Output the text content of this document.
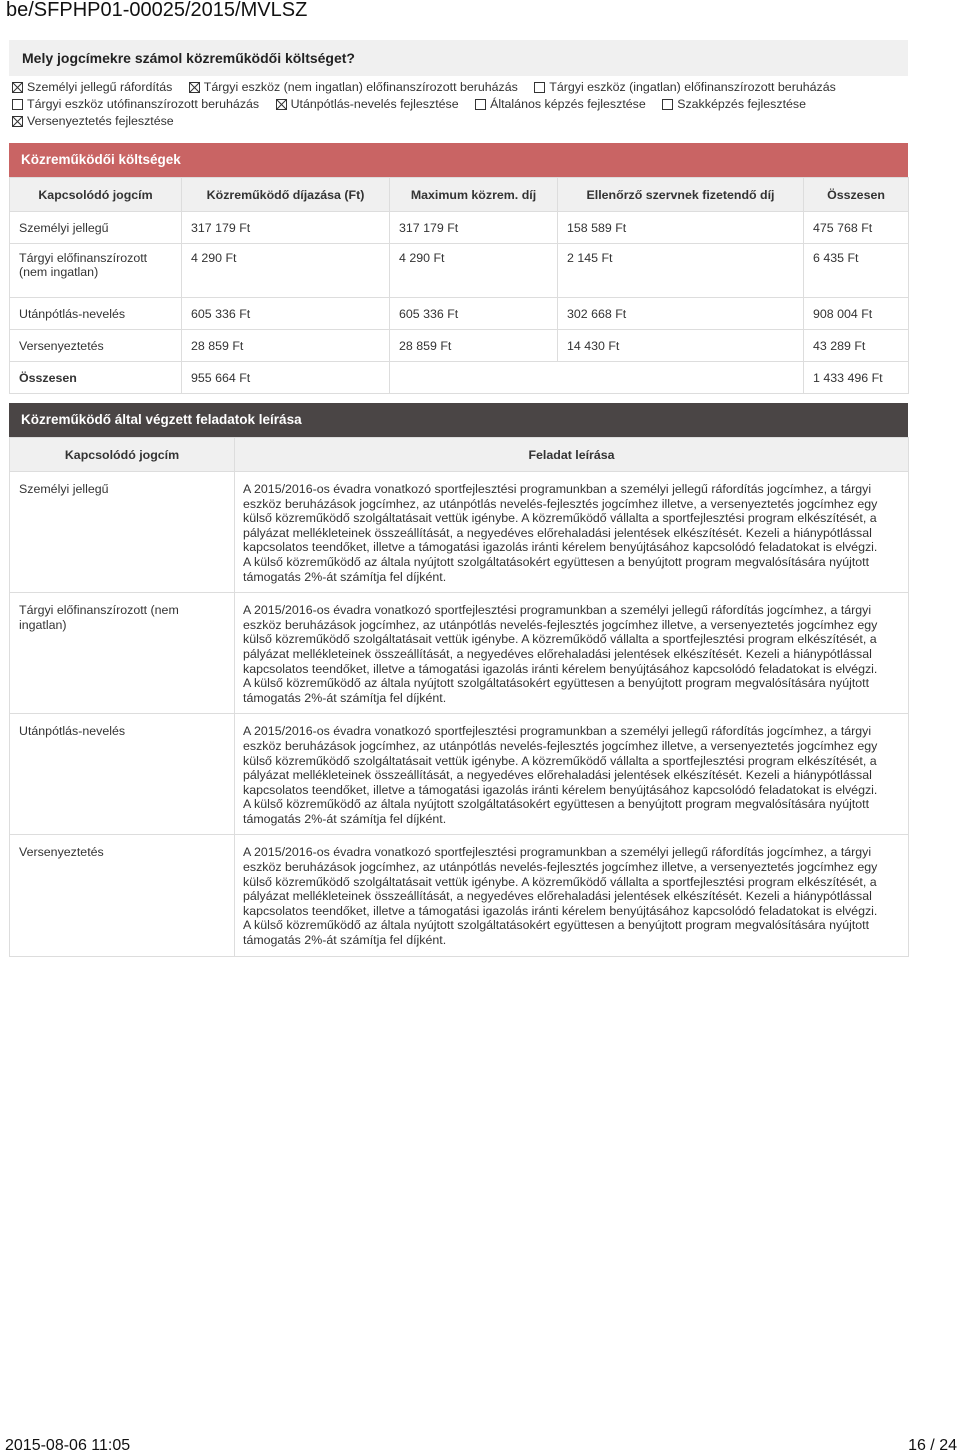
be/SFPHP01-00025/2015/MVLSZ
Mely jogcímekre számol közreműködői költséget?
Személyi jellegű ráfordítás
	Tárgyi eszköz (nem ingatlan) előfinanszírozott beruházás
	Tárgyi eszköz (ingatlan) előfinanszírozott beruházás
Tárgyi eszköz utófinanszírozott beruházás
	Utánpótlás-nevelés fejlesztése
	Általános képzés fejlesztése
	Szakképzés fejlesztése
Versenyeztetés fejlesztése
Közreműködői költségek
Kapcsolódó jogcím	Közreműködő díjazása (Ft)	Maximum közrem. díj	Ellenőrző szervnek fizetendő díj	Összesen
Személyi jellegű	317 179 Ft	317 179 Ft	158 589 Ft	475 768 Ft
Tárgyi előfinanszírozott (nem ingatlan)	4 290 Ft	4 290 Ft	2 145 Ft	6 435 Ft
Utánpótlás-nevelés	605 336 Ft	605 336 Ft	302 668 Ft	908 004 Ft
Versenyeztetés	28 859 Ft	28 859 Ft	14 430 Ft	43 289 Ft
Összesen	955 664 Ft			1 433 496 Ft
Közreműködő által végzett feladatok leírása
Kapcsolódó jogcím	Feladat leírása
Személyi jellegű	A 2015/2016-os évadra vonatkozó sportfejlesztési programunkban a személyi jellegű ráfordítás jogcímhez, a tárgyi eszköz beruházások jogcímhez, az utánpótlás nevelés-fejlesztés jogcímhez illetve, a versenyeztetés jogcímhez egy külső közreműködő szolgáltatásait vettük igénybe. A közreműködő vállalta a sportfejlesztési program elkészítését, a pályázat mellékleteinek összeállítását, a negyedéves előrehaladási jelentések elkészítését. Kezeli a hiánypótlással kapcsolatos teendőket, illetve a támogatási igazolás iránti kérelem benyújtásához kapcsolódó feladatokat is elvégzi. A külső közreműködő az általa nyújtott szolgáltatásokért együttesen a benyújtott program megvalósítására nyújtott támogatás 2%-át számítja fel díjként.
Tárgyi előfinanszírozott (nem ingatlan)	A 2015/2016-os évadra vonatkozó sportfejlesztési programunkban a személyi jellegű ráfordítás jogcímhez, a tárgyi eszköz beruházások jogcímhez, az utánpótlás nevelés-fejlesztés jogcímhez illetve, a versenyeztetés jogcímhez egy külső közreműködő szolgáltatásait vettük igénybe. A közreműködő vállalta a sportfejlesztési program elkészítését, a pályázat mellékleteinek összeállítását, a negyedéves előrehaladási jelentések elkészítését. Kezeli a hiánypótlással kapcsolatos teendőket, illetve a támogatási igazolás iránti kérelem benyújtásához kapcsolódó feladatokat is elvégzi. A külső közreműködő az általa nyújtott szolgáltatásokért együttesen a benyújtott program megvalósítására nyújtott támogatás 2%-át számítja fel díjként.
Utánpótlás-nevelés	A 2015/2016-os évadra vonatkozó sportfejlesztési programunkban a személyi jellegű ráfordítás jogcímhez, a tárgyi eszköz beruházások jogcímhez, az utánpótlás nevelés-fejlesztés jogcímhez illetve, a versenyeztetés jogcímhez egy külső közreműködő szolgáltatásait vettük igénybe. A közreműködő vállalta a sportfejlesztési program elkészítését, a pályázat mellékleteinek összeállítását, a negyedéves előrehaladási jelentések elkészítését. Kezeli a hiánypótlással kapcsolatos teendőket, illetve a támogatási igazolás iránti kérelem benyújtásához kapcsolódó feladatokat is elvégzi. A külső közreműködő az általa nyújtott szolgáltatásokért együttesen a benyújtott program megvalósítására nyújtott támogatás 2%-át számítja fel díjként.
Versenyeztetés	A 2015/2016-os évadra vonatkozó sportfejlesztési programunkban a személyi jellegű ráfordítás jogcímhez, a tárgyi eszköz beruházások jogcímhez, az utánpótlás nevelés-fejlesztés jogcímhez illetve, a versenyeztetés jogcímhez egy külső közreműködő szolgáltatásait vettük igénybe. A közreműködő vállalta a sportfejlesztési program elkészítését, a pályázat mellékleteinek összeállítását, a negyedéves előrehaladási jelentések elkészítését. Kezeli a hiánypótlással kapcsolatos teendőket, illetve a támogatási igazolás iránti kérelem benyújtásához kapcsolódó feladatokat is elvégzi. A külső közreműködő az általa nyújtott szolgáltatásokért együttesen a benyújtott program megvalósítására nyújtott támogatás 2%-át számítja fel díjként.
2015-08-06 11:05	16 / 24
